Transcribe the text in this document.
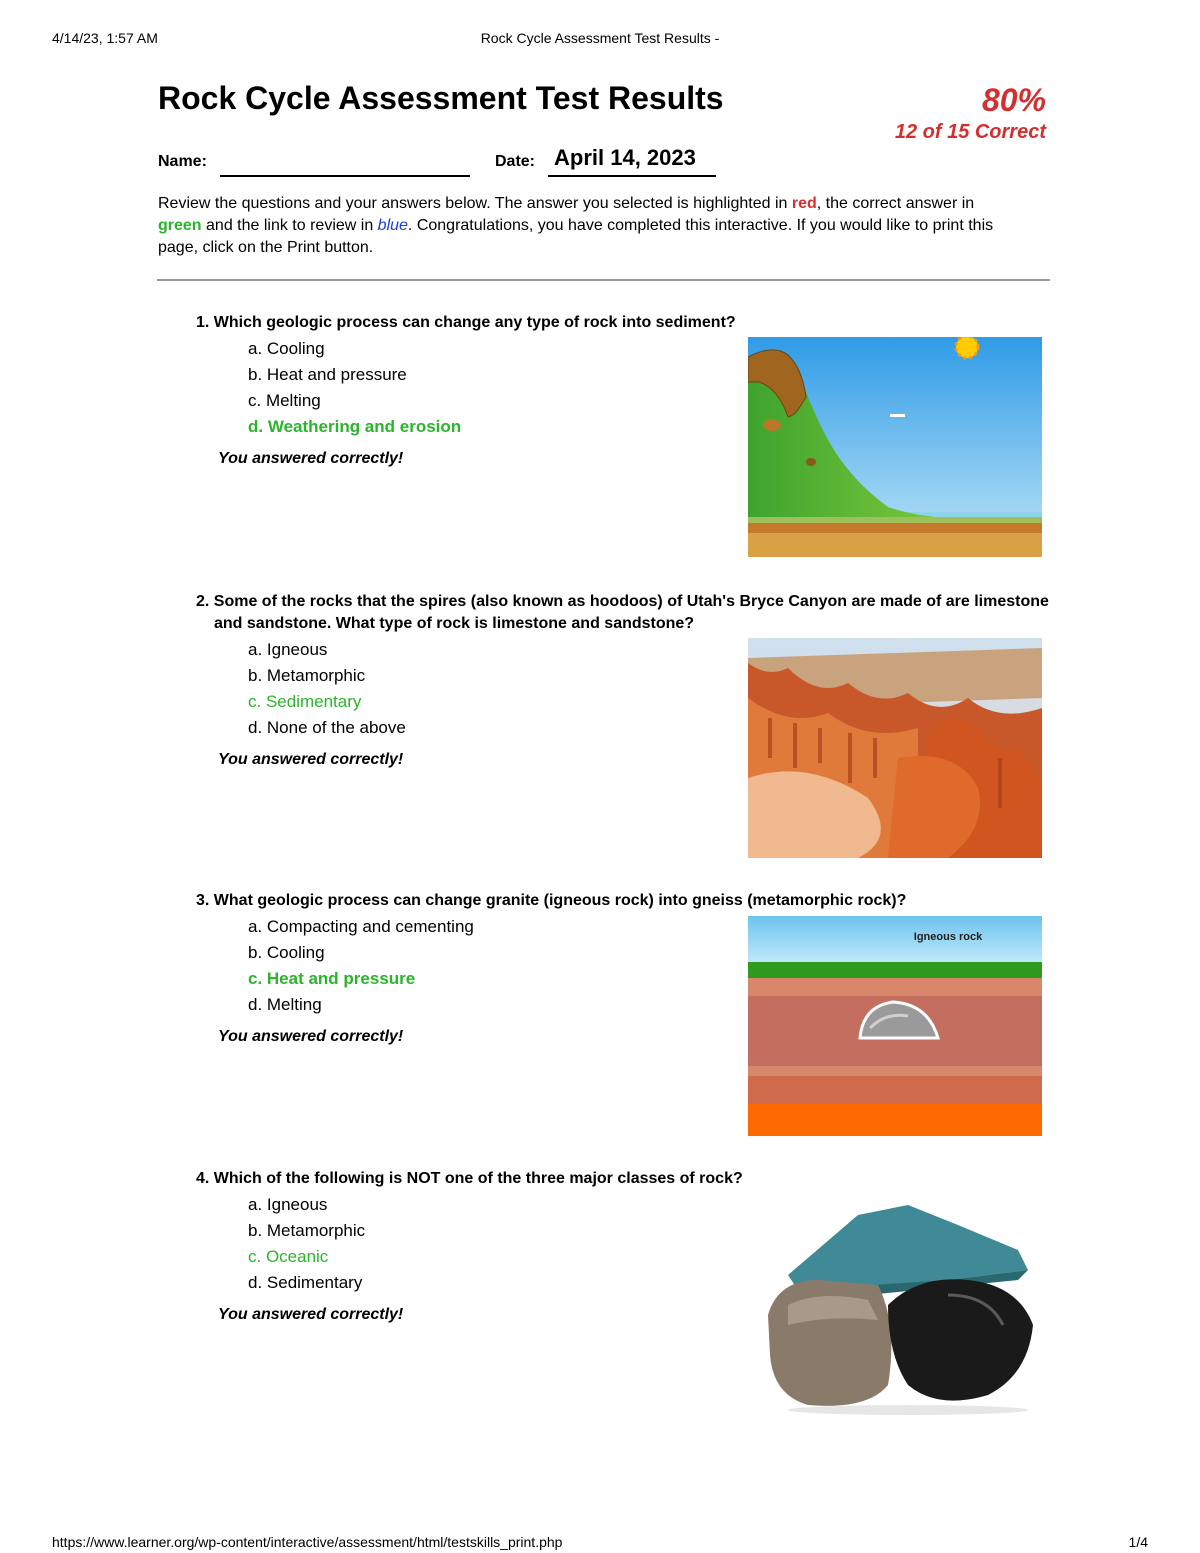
4/14/23, 1:57 AM	Rock Cycle Assessment Test Results -
Rock Cycle Assessment Test Results	80%
12 of 15 Correct
Name:	Date: April 14, 2023
Review the questions and your answers below. The answer you selected is highlighted in red, the correct answer in green and the link to review in blue. Congratulations, you have completed this interactive. If you would like to print this page, click on the Print button.
1. Which geologic process can change any type of rock into sediment?
a. Cooling
b. Heat and pressure
c. Melting
d. Weathering and erosion
You answered correctly!
2. Some of the rocks that the spires (also known as hoodoos) of Utah's Bryce Canyon are made of are limestone and sandstone. What type of rock is limestone and sandstone?
a. Igneous
b. Metamorphic
c. Sedimentary
d. None of the above
You answered correctly!
3. What geologic process can change granite (igneous rock) into gneiss (metamorphic rock)?
a. Compacting and cementing
b. Cooling
c. Heat and pressure
d. Melting
You answered correctly!
Igneous rock
4. Which of the following is NOT one of the three major classes of rock?
a. Igneous
b. Metamorphic
c. Oceanic
d. Sedimentary
You answered correctly!
https://www.learner.org/wp-content/interactive/assessment/html/testskills_print.php	1/4
